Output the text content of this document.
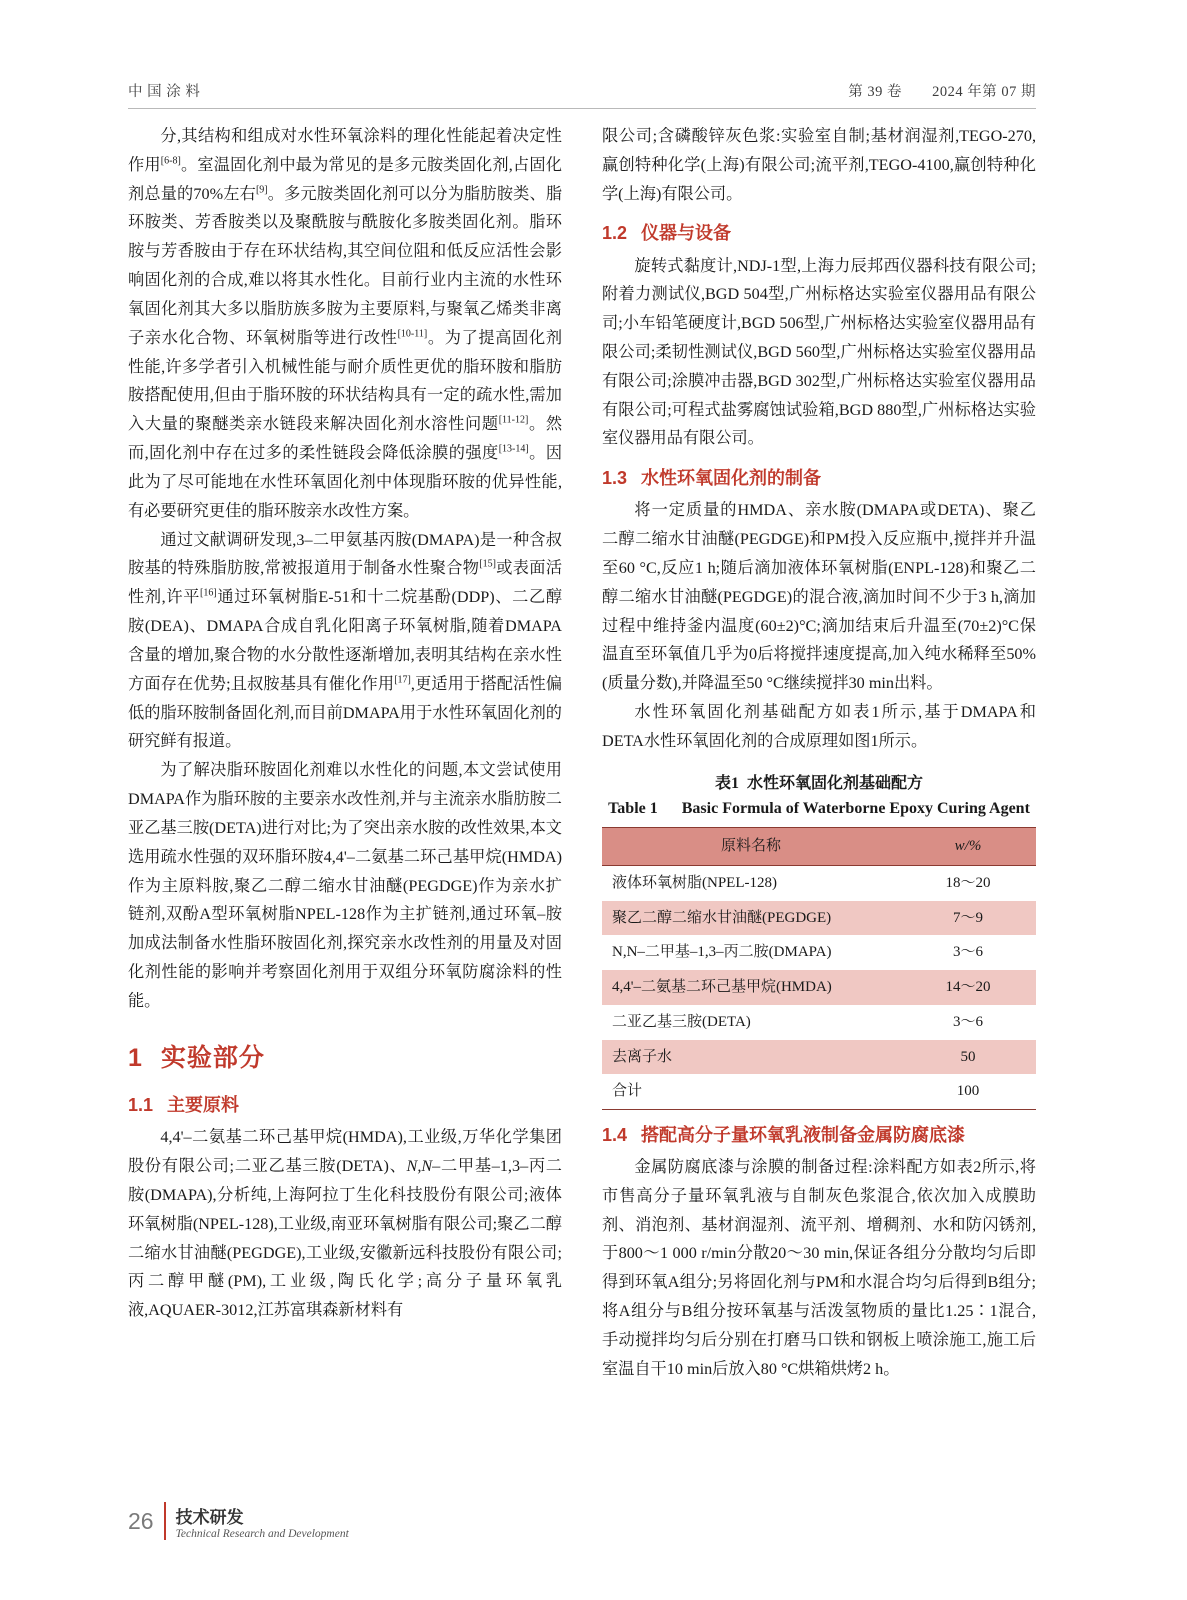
中 国 涂 料	第 39 卷 2024 年第 07 期

分,其结构和组成对水性环氧涂料的理化性能起着决定性作用[6-8]。室温固化剂中最为常见的是多元胺类固化剂,占固化剂总量的70%左右[9]。多元胺类固化剂可以分为脂肪胺类、脂环胺类、芳香胺类以及聚酰胺与酰胺化多胺类固化剂。脂环胺与芳香胺由于存在环状结构,其空间位阻和低反应活性会影响固化剂的合成,难以将其水性化。目前行业内主流的水性环氧固化剂其大多以脂肪族多胺为主要原料,与聚氧乙烯类非离子亲水化合物、环氧树脂等进行改性[10-11]。为了提高固化剂性能,许多学者引入机械性能与耐介质性更优的脂环胺和脂肪胺搭配使用,但由于脂环胺的环状结构具有一定的疏水性,需加入大量的聚醚类亲水链段来解决固化剂水溶性问题[11-12]。然而,固化剂中存在过多的柔性链段会降低涂膜的强度[13-14]。因此为了尽可能地在水性环氧固化剂中体现脂环胺的优异性能,有必要研究更佳的脂环胺亲水改性方案。

通过文献调研发现,3–二甲氨基丙胺(DMAPA)是一种含叔胺基的特殊脂肪胺,常被报道用于制备水性聚合物[15]或表面活性剂,许平[16]通过环氧树脂E-51和十二烷基酚(DDP)、二乙醇胺(DEA)、DMAPA合成自乳化阳离子环氧树脂,随着DMAPA含量的增加,聚合物的水分散性逐渐增加,表明其结构在亲水性方面存在优势;且叔胺基具有催化作用[17],更适用于搭配活性偏低的脂环胺制备固化剂,而目前DMAPA用于水性环氧固化剂的研究鲜有报道。

为了解决脂环胺固化剂难以水性化的问题,本文尝试使用DMAPA作为脂环胺的主要亲水改性剂,并与主流亲水脂肪胺二亚乙基三胺(DETA)进行对比;为了突出亲水胺的改性效果,本文选用疏水性强的双环脂环胺4,4'–二氨基二环己基甲烷(HMDA)作为主原料胺,聚乙二醇二缩水甘油醚(PEGDGE)作为亲水扩链剂,双酚A型环氧树脂NPEL-128作为主扩链剂,通过环氧–胺加成法制备水性脂环胺固化剂,探究亲水改性剂的用量及对固化剂性能的影响并考察固化剂用于双组分环氧防腐涂料的性能。

1 实验部分
1.1 主要原料

4,4'–二氨基二环己基甲烷(HMDA),工业级,万华化学集团股份有限公司;二亚乙基三胺(DETA)、N,N–二甲基–1,3–丙二胺(DMAPA),分析纯,上海阿拉丁生化科技股份有限公司;液体环氧树脂(NPEL-128),工业级,南亚环氧树脂有限公司;聚乙二醇二缩水甘油醚(PEGDGE),工业级,安徽新远科技股份有限公司;丙二醇甲醚(PM),工业级,陶氏化学;高分子量环氧乳液,AQUAER-3012,江苏富琪森新材料有

限公司;含磷酸锌灰色浆:实验室自制;基材润湿剂,TEGO-270,赢创特种化学(上海)有限公司;流平剂,TEGO-4100,赢创特种化学(上海)有限公司。

1.2 仪器与设备

旋转式黏度计,NDJ-1型,上海力辰邦西仪器科技有限公司;附着力测试仪,BGD 504型,广州标格达实验室仪器用品有限公司;小车铅笔硬度计,BGD 506型,广州标格达实验室仪器用品有限公司;柔韧性测试仪,BGD 560型,广州标格达实验室仪器用品有限公司;涂膜冲击器,BGD 302型,广州标格达实验室仪器用品有限公司;可程式盐雾腐蚀试验箱,BGD 880型,广州标格达实验室仪器用品有限公司。

1.3 水性环氧固化剂的制备

将一定质量的HMDA、亲水胺(DMAPA或DETA)、聚乙二醇二缩水甘油醚(PEGDGE)和PM投入反应瓶中,搅拌并升温至60 °C,反应1 h;随后滴加液体环氧树脂(ENPL-128)和聚乙二醇二缩水甘油醚(PEGDGE)的混合液,滴加时间不少于3 h,滴加过程中维持釜内温度(60±2)°C;滴加结束后升温至(70±2)°C保温直至环氧值几乎为0后将搅拌速度提高,加入纯水稀释至50%(质量分数),并降温至50 °C继续搅拌30 min出料。

水性环氧固化剂基础配方如表1所示,基于DMAPA和DETA水性环氧固化剂的合成原理如图1所示。

表1 水性环氧固化剂基础配方
Table 1 Basic Formula of Waterborne Epoxy Curing Agent
原料名称	w/%
液体环氧树脂(NPEL-128)	18～20
聚乙二醇二缩水甘油醚(PEGDGE)	7～9
N,N–二甲基–1,3–丙二胺(DMAPA)	3～6
4,4'–二氨基二环己基甲烷(HMDA)	14～20
二亚乙基三胺(DETA)	3～6
去离子水	50
合计	100
1.4 搭配高分子量环氧乳液制备金属防腐底漆

金属防腐底漆与涂膜的制备过程:涂料配方如表2所示,将市售高分子量环氧乳液与自制灰色浆混合,依次加入成膜助剂、消泡剂、基材润湿剂、流平剂、增稠剂、水和防闪锈剂,于800～1 000 r/min分散20～30 min,保证各组分分散均匀后即得到环氧A组分;另将固化剂与PM和水混合均匀后得到B组分;将A组分与B组分按环氧基与活泼氢物质的量比1.25∶1混合,手动搅拌均匀后分别在打磨马口铁和钢板上喷涂施工,施工后室温自干10 min后放入80 °C烘箱烘烤2 h。

26 技术研发
Technical Research and Development
